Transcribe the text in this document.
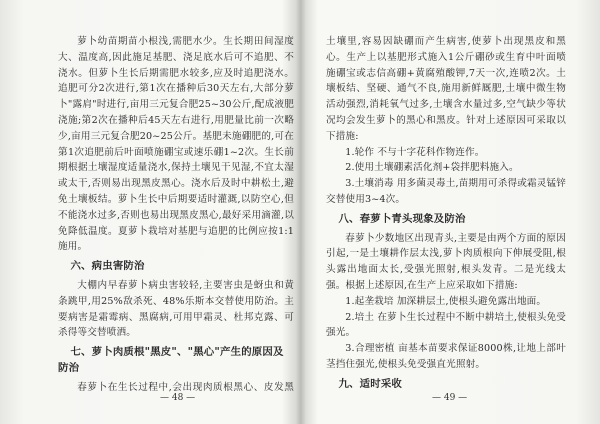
萝卜幼苗期苗小根浅,需肥水少。生长期田间湿度大、温度高,因此施足基肥、浇足底水后可不追肥、不浇水。但萝卜生长后期需肥水较多,应及时追肥浇水。追肥可分2次进行,第1次在播种后30天左右,大部分萝卜"露肩"时进行,亩用三元复合肥25~30公斤,配成液肥浇施;第2次在播种后45天左右进行,用肥量比前一次略少,亩用三元复合肥20~25公斤。基肥未施硼肥的,可在第1次追肥前后叶面喷施硼宝或速乐硼1~2次。生长前期根据土壤湿度适量浇水,保持土壤见干见湿,不宜太湿或太干,否则易出现黑皮黑心。浇水后及时中耕松土,避免土壤板结。萝卜生长中后期要适时灌溉,以防空心,但不能浇水过多,否则也易出现黑皮黑心,最好采用滴灌,以免降低温度。夏萝卜栽培对基肥与追肥的比例应按1:1施用。

六、病虫害防治

大棚内早春萝卜病虫害较轻,主要害虫是蚜虫和黄条跳甲,用25%敌杀死、48%乐斯本交替使用防治。主要病害是霜霉病、黑腐病,可用甲霜灵、杜邦克露、可杀得等交替喷洒。

七、萝卜肉质根"黑皮"、"黑心"产生的原因及防治

春萝卜在生长过程中,会出现肉质根黑心、皮发黑

— 48 —

土壤里,容易因缺硼而产生病害,使萝卜出现黑皮和黑心。生产上以基肥形式施入1公斤硼砂或生育中叶面喷施硼宝或志信高硼+黄腐殖酸钾,7天一次,连喷2次。土壤板结、坚硬、通气不良,施用新鲜厩肥,土壤中微生物活动强烈,消耗氧气过多,土壤含水量过多,空气缺少等状况均会发生萝卜的黑心和黑皮。针对上述原因可采取以下措施:

1.轮作 不与十字花科作物连作。

2.使用土壤硼素活化剂+袋拌肥料施入。

3.土壤消毒 用多菌灵毒土,苗期用可杀得或霜灵锰锌交替使用3~4次。

八、春萝卜青头现象及防治

春萝卜少数地区出现青头,主要是由两个方面的原因引起,一是土壤耕作层太浅,萝卜肉质根向下伸展受阻,根头露出地面太长,受强光照射,根头发青。二是光线太强。根据上述原因,在生产上应采取如下措施:

1.起垄栽培 加深耕层土,使根头避免露出地面。

2.培土 在萝卜生长过程中不断中耕培土,使根头免受强光。

3.合理密植 亩基本苗要求保证8000株,让地上部叶茎挡住强光,使根头免受强直光照射。

九、适时采收

— 49 —
